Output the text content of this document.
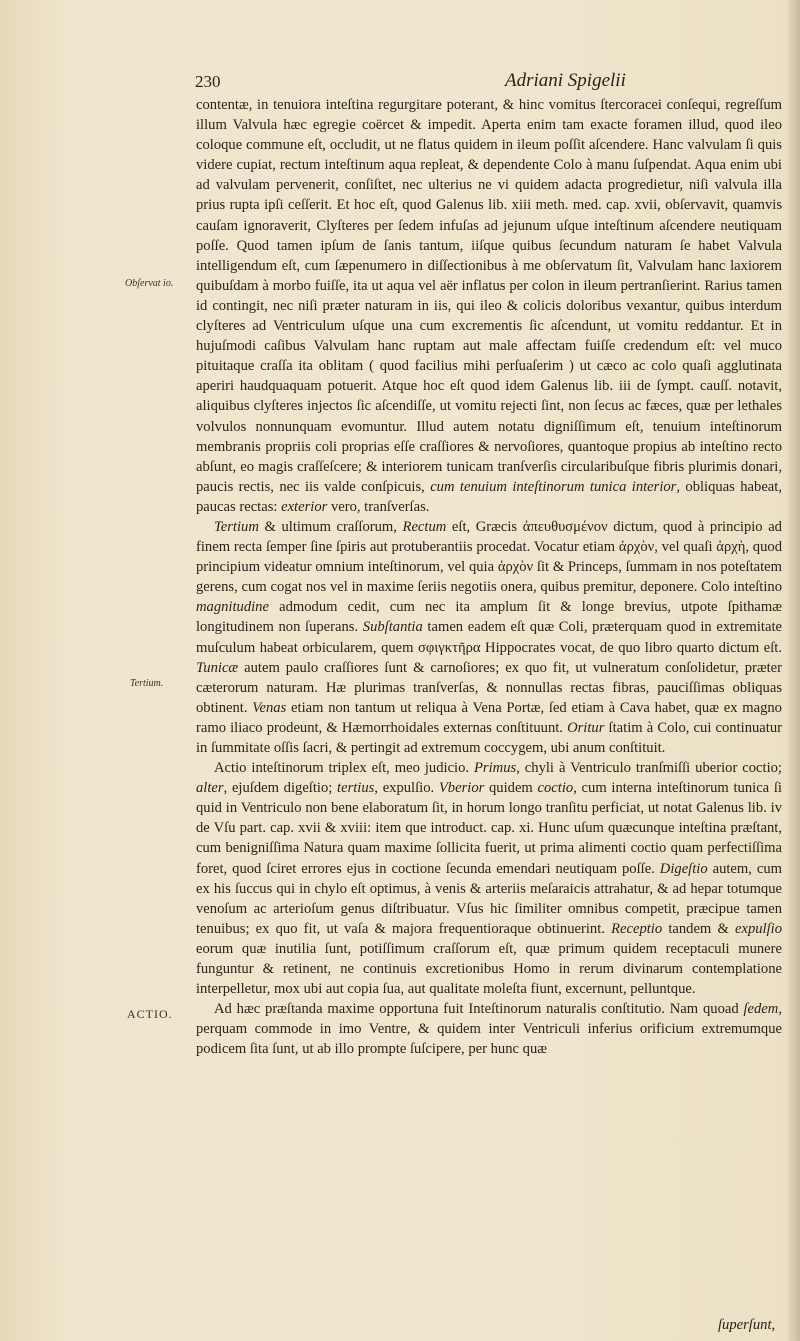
230	Adriani Spigelii
Obſervat io.
Tertium.
ACTIO.

contentæ, in tenuiora inteſtina regurgitare poterant, & hinc vomitus ſtercoracei conſequi, regreſſum illum Valvula hæc egregie coërcet & impedit. Aperta enim tam exacte foramen illud, quod ileo coloque commune eſt, occludit, ut ne flatus quidem in ileum poſſit aſcendere. Hanc valvulam ſi quis videre cupiat, rectum inteſtinum aqua repleat, & dependente Colo à manu ſuſpendat. Aqua enim ubi ad valvulam pervenerit, conſiſtet, nec ulterius ne vi quidem adacta progredietur, niſi valvula illa prius rupta ipſi ceſſerit. Et hoc eſt, quod Galenus lib. xiii meth. med. cap. xvii, obſervavit, quamvis cauſam ignoraverit, Clyſteres per ſedem infuſas ad jejunum uſque inteſtinum aſcendere neutiquam poſſe. Quod tamen ipſum de ſanis tantum, iiſque quibus ſecundum naturam ſe habet Valvula intelligendum eſt, cum ſæpenumero in diſſectionibus à me obſervatum ſit, Valvulam hanc laxiorem quibuſdam à morbo fuiſſe, ita ut aqua vel aër inflatus per colon in ileum pertranſierint. Rarius tamen id contingit, nec niſi præter naturam in iis, qui ileo & colicis doloribus vexantur, quibus interdum clyſteres ad Ventriculum uſque una cum excrementis ſic aſcendunt, ut vomitu reddantur. Et in hujuſmodi caſibus Valvulam hanc ruptam aut male affectam fuiſſe credendum eſt: vel muco pituitaque craſſa ita oblitam ( quod facilius mihi perſuaſerim ) ut cæco ac colo quaſi agglutinata aperiri haudquaquam potuerit. Atque hoc eſt quod idem Galenus lib. iii de ſympt. cauſſ. notavit, aliquibus clyſteres injectos ſic aſcendiſſe, ut vomitu rejecti ſint, non ſecus ac fæces, quæ per lethales volvulos nonnunquam evomuntur. Illud autem notatu digniſſimum eſt, tenuium inteſtinorum membranis propriis coli proprias eſſe craſſiores & nervoſiores, quantoque propius ab inteſtino recto abſunt, eo magis craſſeſcere; & interiorem tunicam tranſverſis circularibuſque fibris plurimis donari, paucis rectis, nec iis valde conſpicuis, cum tenuium inteſtinorum tunica interior, obliquas habeat, paucas rectas: exterior vero, tranſverſas.

Tertium & ultimum craſſorum, Rectum eſt, Græcis ἀπευθυσμένον dictum, quod à principio ad finem recta ſemper ſine ſpiris aut protuberantiis procedat. Vocatur etiam ἀρχὸν, vel quaſi ἀρχὴ, quod principium videatur omnium inteſtinorum, vel quia ἀρχὸν ſit & Princeps, ſummam in nos poteſtatem gerens, cum cogat nos vel in maxime ſeriis negotiis onera, quibus premitur, deponere. Colo inteſtino magnitudine admodum cedit, cum nec ita amplum ſit & longe brevius, utpote ſpithamæ longitudinem non ſuperans. Subſtantia tamen eadem eſt quæ Coli, præterquam quod in extremitate muſculum habeat orbicularem, quem σφιγκτῆρα Hippocrates vocat, de quo libro quarto dictum eſt. Tunicæ autem paulo craſſiores ſunt & carnoſiores; ex quo fit, ut vulneratum conſolidetur, præter cæterorum naturam. Hæ plurimas tranſverſas, & nonnullas rectas fibras, pauciſſimas obliquas obtinent. Venas etiam non tantum ut reliqua à Vena Portæ, ſed etiam à Cava habet, quæ ex magno ramo iliaco prodeunt, & Hæmorrhoidales externas conſtituunt. Oritur ſtatim à Colo, cui continuatur in ſummitate oſſis ſacri, & pertingit ad extremum coccygem, ubi anum conſtituit.

Actio inteſtinorum triplex eſt, meo judicio. Primus, chyli à Ventriculo tranſmiſſi uberior coctio; alter, ejuſdem digeſtio; tertius, expulſio. Vberior quidem coctio, cum interna inteſtinorum tunica ſi quid in Ventriculo non bene elaboratum ſit, in horum longo tranſitu perficiat, ut notat Galenus lib. iv de Vſu part. cap. xvii & xviii: item que introduct. cap. xi. Hunc uſum quæcunque inteſtina præſtant, cum benigniſſima Natura quam maxime ſollicita fuerit, ut prima alimenti coctio quam perfectiſſima foret, quod ſciret errores ejus in coctione ſecunda emendari neutiquam poſſe. Digeſtio autem, cum ex his ſuccus qui in chylo eſt optimus, à venis & arteriis meſaraicis attrahatur, & ad hepar totumque venoſum ac arterioſum genus diſtribuatur. Vſus hic ſimiliter omnibus competit, præcipue tamen tenuibus; ex quo fit, ut vaſa & majora frequentioraque obtinuerint. Receptio tandem & expulſio eorum quæ inutilia ſunt, potiſſimum craſſorum eſt, quæ primum quidem receptaculi munere funguntur & retinent, ne continuis excretionibus Homo in rerum divinarum contemplatione interpelletur, mox ubi aut copia ſua, aut qualitate moleſta fiunt, excernunt, pelluntque.

Ad hæc præſtanda maxime opportuna fuit Inteſtinorum naturalis conſtitutio. Nam quoad ſedem, perquam commode in imo Ventre, & quidem inter Ventriculi inferius orificium extremumque podicem ſita ſunt, ut ab illo prompte ſuſcipere, per hunc quæ

ſuperſunt,
